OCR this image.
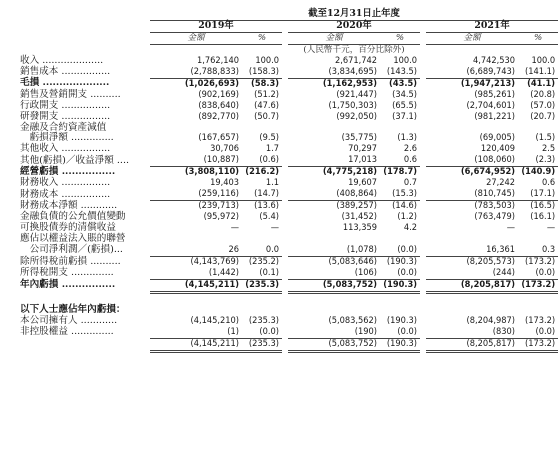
	截至12月31日止年度							
	2019年			2020年			2021年	
	金額	%		金額	%		金額	%
				(人民幣千元，百分比除外)				
收入 ....................	1,762,140	100.0		2,671,742	100.0		4,742,530	100.0
銷售成本 ................	(2,788,833)	(158.3)		(3,834,695)	(143.5)		(6,689,743)	(141.1)
毛損 ....................	(1,026,693)	(58.3)		(1,162,953)	(43.5)		(1,947,213)	(41.1)
銷售及營銷開支 ..........	(902,169)	(51.2)		(921,447)	(34.5)		(985,261)	(20.8)
行政開支 ................	(838,640)	(47.6)		(1,750,303)	(65.5)		(2,704,601)	(57.0)
研發開支 ................	(892,770)	(50.7)		(992,050)	(37.1)		(981,221)	(20.7)
金融及合約資產減值								
　虧損淨額 ..............	(167,657)	(9.5)		(35,775)	(1.3)		(69,005)	(1.5)
其他收入 ................	30,706	1.7		70,297	2.6		120,409	2.5
其他(虧損)／收益淨額 ....	(10,887)	(0.6)		17,013	0.6		(108,060)	(2.3)
經營虧損 ................	(3,808,110)	(216.2)		(4,775,218)	(178.7)		(6,674,952)	(140.9)
財務收入 ................	19,403	1.1		19,607	0.7		27,242	0.6
財務成本 ................	(259,116)	(14.7)		(408,864)	(15.3)		(810,745)	(17.1)
財務成本淨額 ............	(239,713)	(13.6)		(389,257)	(14.6)		(783,503)	(16.5)
金融負債的公允價值變動	(95,972)	(5.4)		(31,452)	(1.2)		(763,479)	(16.1)
可換股債券的清償收益	—	—		113,359	4.2		—	—
應佔以權益法入賬的聯營								
　公司淨利潤／(虧損)...	26	0.0		(1,078)	(0.0)		16,361	0.3
除所得稅前虧損 ..........	(4,143,769)	(235.2)		(5,083,646)	(190.3)		(8,205,573)	(173.2)
所得稅開支 ..............	(1,442)	(0.1)		(106)	(0.0)		(244)	(0.0)
年內虧損 ................	(4,145,211)	(235.3)		(5,083,752)	(190.3)		(8,205,817)	(173.2)

以下人士應佔年內虧損：								
本公司擁有人 ............	(4,145,210)	(235.3)		(5,083,562)	(190.3)		(8,204,987)	(173.2)
非控股權益 ..............	(1)	(0.0)		(190)	(0.0)		(830)	(0.0)
	(4,145,211)	(235.3)		(5,083,752)	(190.3)		(8,205,817)	(173.2)
